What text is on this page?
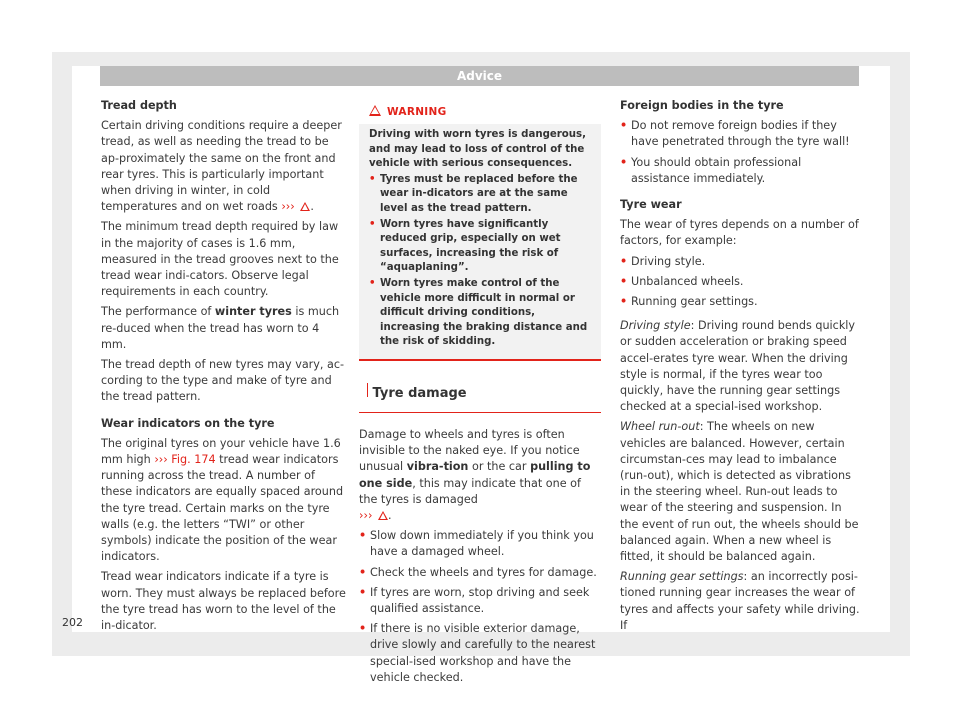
Advice

Tread depth

Certain driving conditions require a deeper tread, as well as needing the tread to be ap-proximately the same on the front and rear tyres. This is particularly important when driving in winter, in cold temperatures and on wet roads ››› .

The minimum tread depth required by law in the majority of cases is 1.6 mm, measured in the tread grooves next to the tread wear indi-cators. Observe legal requirements in each country.

The performance of winter tyres is much re-duced when the tread has worn to 4 mm.

The tread depth of new tyres may vary, ac-cording to the type and make of tyre and the tread pattern.

Wear indicators on the tyre

The original tyres on your vehicle have 1.6 mm high ››› Fig. 174 tread wear indicators running across the tread. A number of these indicators are equally spaced around the tyre tread. Certain marks on the tyre walls (e.g. the letters “TWI” or other symbols) indicate the position of the wear indicators.

Tread wear indicators indicate if a tyre is worn. They must always be replaced before the tyre tread has worn to the level of the in-dicator.

WARNING

Driving with worn tyres is dangerous, and may lead to loss of control of the vehicle with serious consequences.

• Tyres must be replaced before the wear in-dicators are at the same level as the tread pattern.

• Worn tyres have significantly reduced grip, especially on wet surfaces, increasing the risk of “aquaplaning”.

• Worn tyres make control of the vehicle more difficult in normal or difficult driving conditions, increasing the braking distance and the risk of skidding.

Tyre damage

Damage to wheels and tyres is often invisible to the naked eye. If you notice unusual vibra-tion or the car pulling to one side, this may indicate that one of the tyres is damaged
››› .

• Slow down immediately if you think you have a damaged wheel.

• Check the wheels and tyres for damage.

• If tyres are worn, stop driving and seek qualified assistance.

• If there is no visible exterior damage, drive slowly and carefully to the nearest special-ised workshop and have the vehicle checked.

Foreign bodies in the tyre

• Do not remove foreign bodies if they have penetrated through the tyre wall!

• You should obtain professional assistance immediately.

Tyre wear

The wear of tyres depends on a number of factors, for example:

• Driving style.

• Unbalanced wheels.

• Running gear settings.

Driving style: Driving round bends quickly or sudden acceleration or braking speed accel-erates tyre wear. When the driving style is normal, if the tyres wear too quickly, have the running gear settings checked at a special-ised workshop.

Wheel run-out: The wheels on new vehicles are balanced. However, certain circumstan-ces may lead to imbalance (run-out), which is detected as vibrations in the steering wheel. Run-out leads to wear of the steering and suspension. In the event of run out, the wheels should be balanced again. When a new wheel is fitted, it should be balanced again.

Running gear settings: an incorrectly posi-tioned running gear increases the wear of tyres and affects your safety while driving. If

202
